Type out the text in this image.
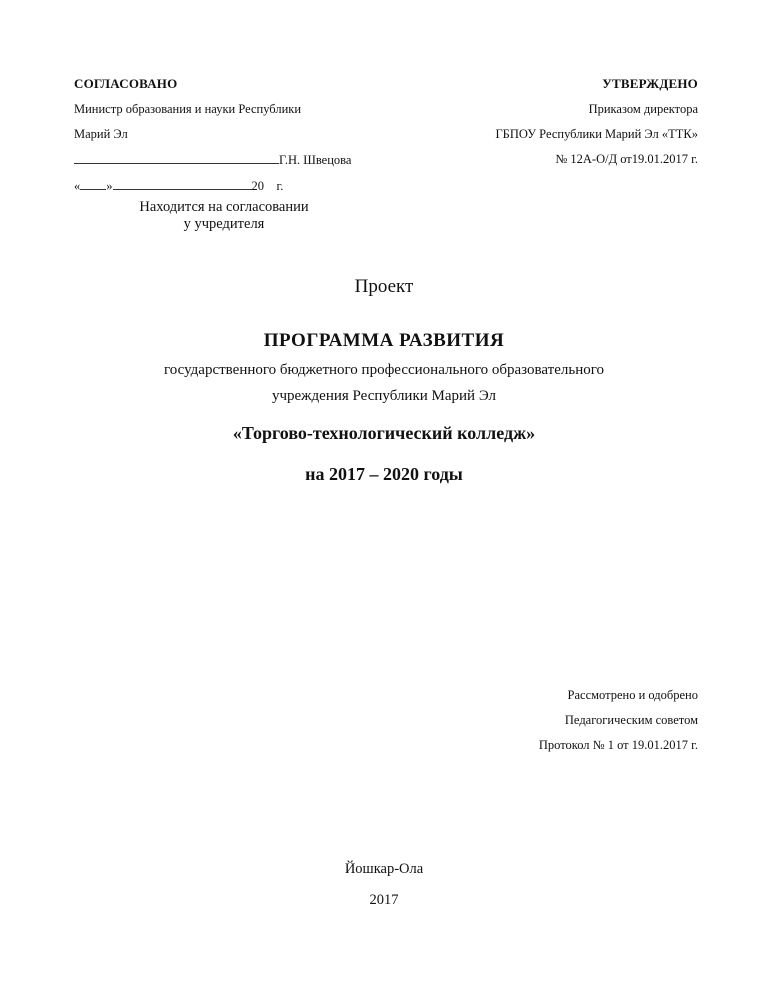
СОГЛАСОВАНО
Министр образования и науки Республики
Марий Эл
Г.Н. Швецова
« »	20 г.
Находится на согласовании
у учредителя
УТВЕРЖДЕНО
Приказом директора
ГБПОУ Республики Марий Эл «ТТК»
№ 12А-О/Д от19.01.2017 г.
Проект
ПРОГРАММА РАЗВИТИЯ
государственного бюджетного профессионального образовательного
учреждения Республики Марий Эл
«Торгово-технологический колледж»
на 2017 – 2020 годы
Рассмотрено и одобрено
Педагогическим советом
Протокол № 1 от 19.01.2017 г.
Йошкар-Ола
2017
